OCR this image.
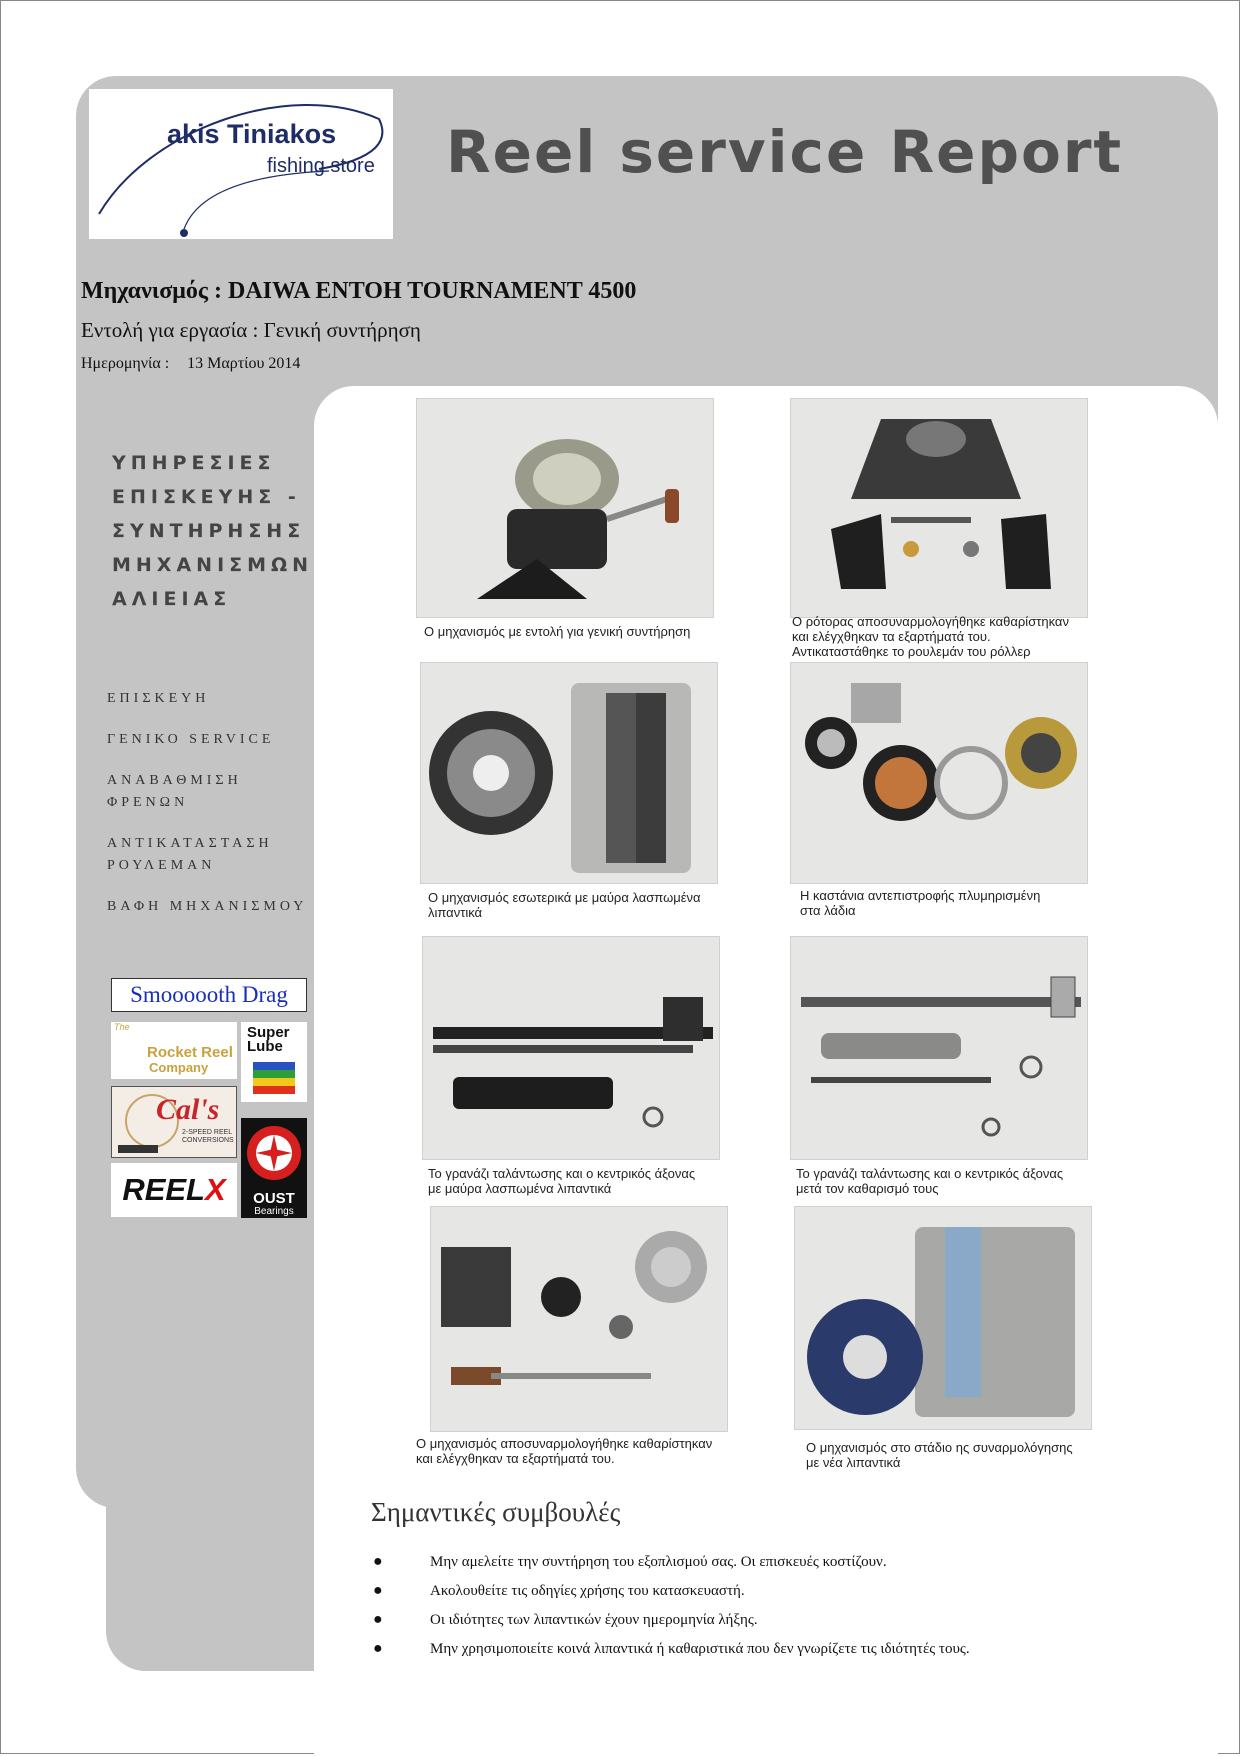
akis Tiniakos
fishing store Reel service Report
Μηχανισμός : DAIWA ENTOH TOURNAMENT 4500
Εντολή για εργασία : Γενική συντήρηση
Ημερομηνία : 13 Μαρτίου 2014
ΥΠΗΡΕΣΙΕΣ
ΕΠΙΣΚΕΥΗΣ -
ΣΥΝΤΗΡΗΣΗΣ
ΜΗΧΑΝΙΣΜΩΝ
ΑΛΙΕΙΑΣ
ΕΠΙΣΚΕΥΗ
ΓΕΝΙΚΟ SERVICE
ΑΝΑΒΑΘΜΙΣΗ ΦΡΕΝΩΝ
ΑΝΤΙΚΑΤΑΣΤΑΣΗ ΡΟΥΛΕΜΑΝ
ΒΑΦΗ ΜΗΧΑΝΙΣΜΟΥ
Smoooooth Drag
The
Rocket Reel
Company
Super Lube
Cal's
2-SPEED REEL CONVERSIONS
REEL X	OUST
Bearings
Ο μηχανισμός με εντολή για γενική συντήρηση
Ο ρότορας αποσυναρμολογήθηκε καθαρίστηκαν
και ελέγχθηκαν τα εξαρτήματά του.
Αντικαταστάθηκε το ρουλεμάν του ρόλλερ
Ο μηχανισμός εσωτερικά με μαύρα λασπωμένα
λιπαντικά
Η καστάνια αντεπιστροφής πλυμηρισμένη
στα λάδια
Το γρανάζι ταλάντωσης και ο κεντρικός άξονας
με μαύρα λασπωμένα λιπαντικά
Το γρανάζι ταλάντωσης και ο κεντρικός άξονας
μετά τον καθαρισμό τους
Ο μηχανισμός αποσυναρμολογήθηκε καθαρίστηκαν
και ελέγχθηκαν τα εξαρτήματά του.
Ο μηχανισμός στο στάδιο ης συναρμολόγησης
με νέα λιπαντικά
Σημαντικές συμβουλές
●	Μην αμελείτε την συντήρηση του εξοπλισμού σας. Οι επισκευές κοστίζουν.
●	Ακολουθείτε τις οδηγίες χρήσης του κατασκευαστή.
●	Οι ιδιότητες των λιπαντικών έχουν ημερομηνία λήξης.
●	Μην χρησιμοποιείτε κοινά λιπαντικά ή καθαριστικά που δεν γνωρίζετε τις ιδιότητές τους.
